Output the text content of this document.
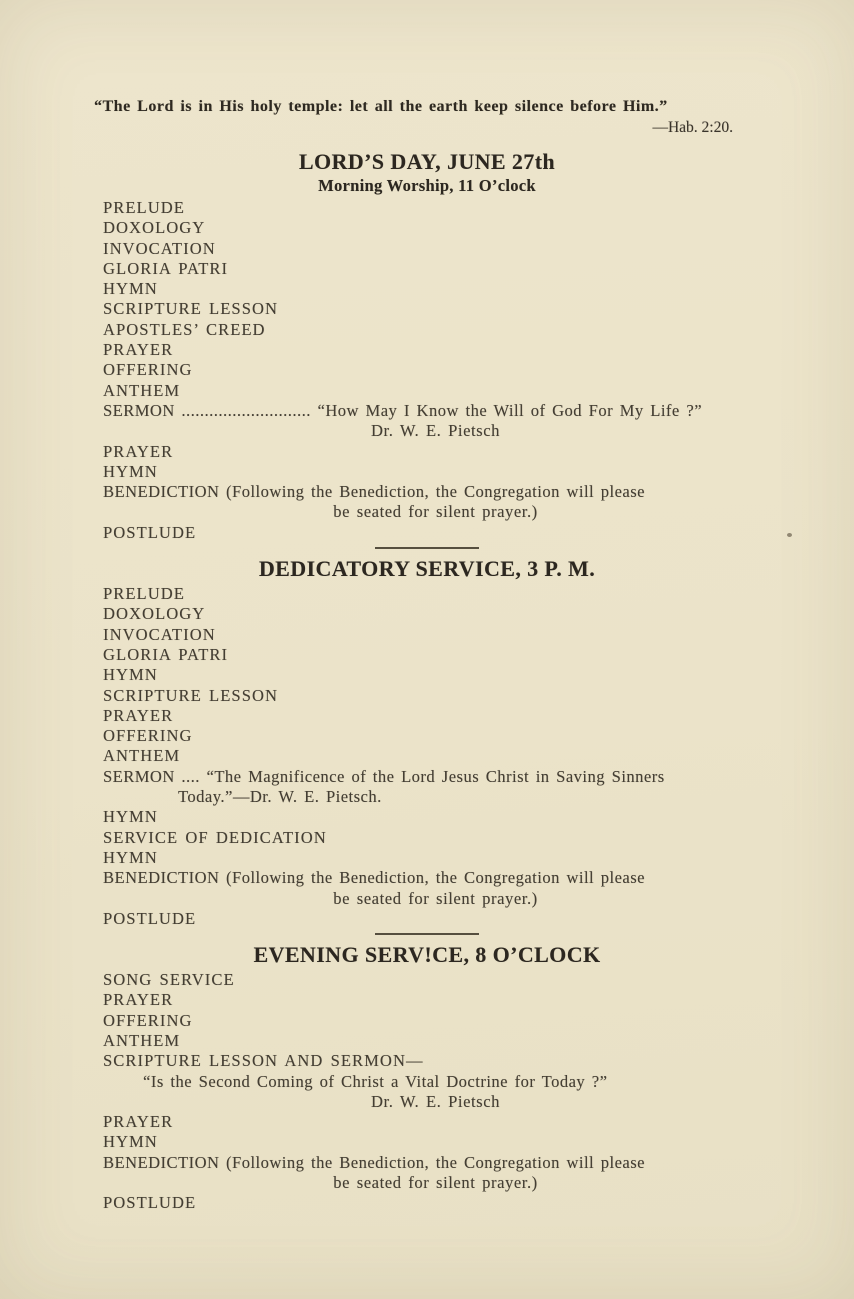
“The Lord is in His holy temple: let all the earth keep silence before Him.”
—Hab. 2:20.
LORD’S DAY, JUNE 27th
Morning Worship, 11 O’clock
PRELUDE
DOXOLOGY
INVOCATION
GLORIA PATRI
HYMN
SCRIPTURE LESSON
APOSTLES’ CREED
PRAYER
OFFERING
ANTHEM
SERMON ............................ “How May I Know the Will of God For My Life ?”
Dr. W. E. Pietsch
PRAYER
HYMN
BENEDICTION (Following the Benediction, the Congregation will please
be seated for silent prayer.)
POSTLUDE
DEDICATORY SERVICE, 3 P. M.
PRELUDE
DOXOLOGY
INVOCATION
GLORIA PATRI
HYMN
SCRIPTURE LESSON
PRAYER
OFFERING
ANTHEM
SERMON .... “The Magnificence of the Lord Jesus Christ in Saving Sinners
Today.”—Dr. W. E. Pietsch.
HYMN
SERVICE OF DEDICATION
HYMN
BENEDICTION (Following the Benediction, the Congregation will please
be seated for silent prayer.)
POSTLUDE
EVENING SERV!CE, 8 O’CLOCK
SONG SERVICE
PRAYER
OFFERING
ANTHEM
SCRIPTURE LESSON AND SERMON—
“Is the Second Coming of Christ a Vital Doctrine for Today ?”
Dr. W. E. Pietsch
PRAYER
HYMN
BENEDICTION (Following the Benediction, the Congregation will please
be seated for silent prayer.)
POSTLUDE
